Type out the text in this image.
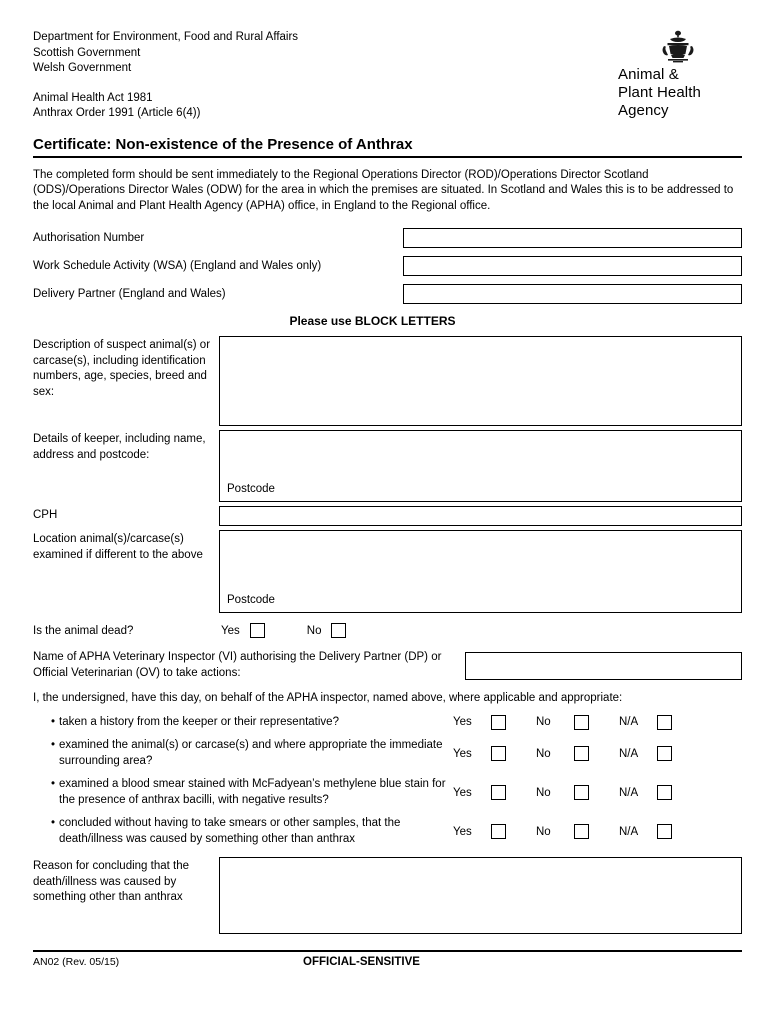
Department for Environment, Food and Rural Affairs
Scottish Government
Welsh Government
Animal Health Act 1981
Anthrax Order 1991 (Article 6(4))
Animal &
Plant Health
Agency
Certificate: Non-existence of the Presence of Anthrax
The completed form should be sent immediately to the Regional Operations Director (ROD)/Operations Director Scotland (ODS)/Operations Director Wales (ODW) for the area in which the premises are situated. In Scotland and Wales this is to be addressed to the local Animal and Plant Health Agency (APHA) office, in England to the Regional office.
Authorisation Number
Work Schedule Activity (WSA) (England and Wales only)
Delivery Partner (England and Wales)
Please use BLOCK LETTERS
Description of suspect animal(s) or carcase(s), including identification numbers, age, species, breed and sex:
Details of keeper, including name, address and postcode:
Postcode
CPH
Location animal(s)/carcase(s) examined if different to the above
Postcode
Is the animal dead?	Yes	No
Name of APHA Veterinary Inspector (VI) authorising the Delivery Partner (DP) or Official Veterinarian (OV) to take actions:
I, the undersigned, have this day, on behalf of the APHA inspector, named above, where applicable and appropriate:
• taken a history from the keeper or their representative?	Yes	No	N/A
• examined the animal(s) or carcase(s) and where appropriate the immediate surrounding area?
Yes	No	N/A
• examined a blood smear stained with McFadyean’s methylene blue stain for the presence of anthrax bacilli, with negative results?
Yes	No	N/A
• concluded without having to take smears or other samples, that the death/illness was caused by something other than anthrax
Yes	No	N/A
Reason for concluding that the death/illness was caused by something other than anthrax
AN02 (Rev. 05/15)	OFFICIAL-SENSITIVE
